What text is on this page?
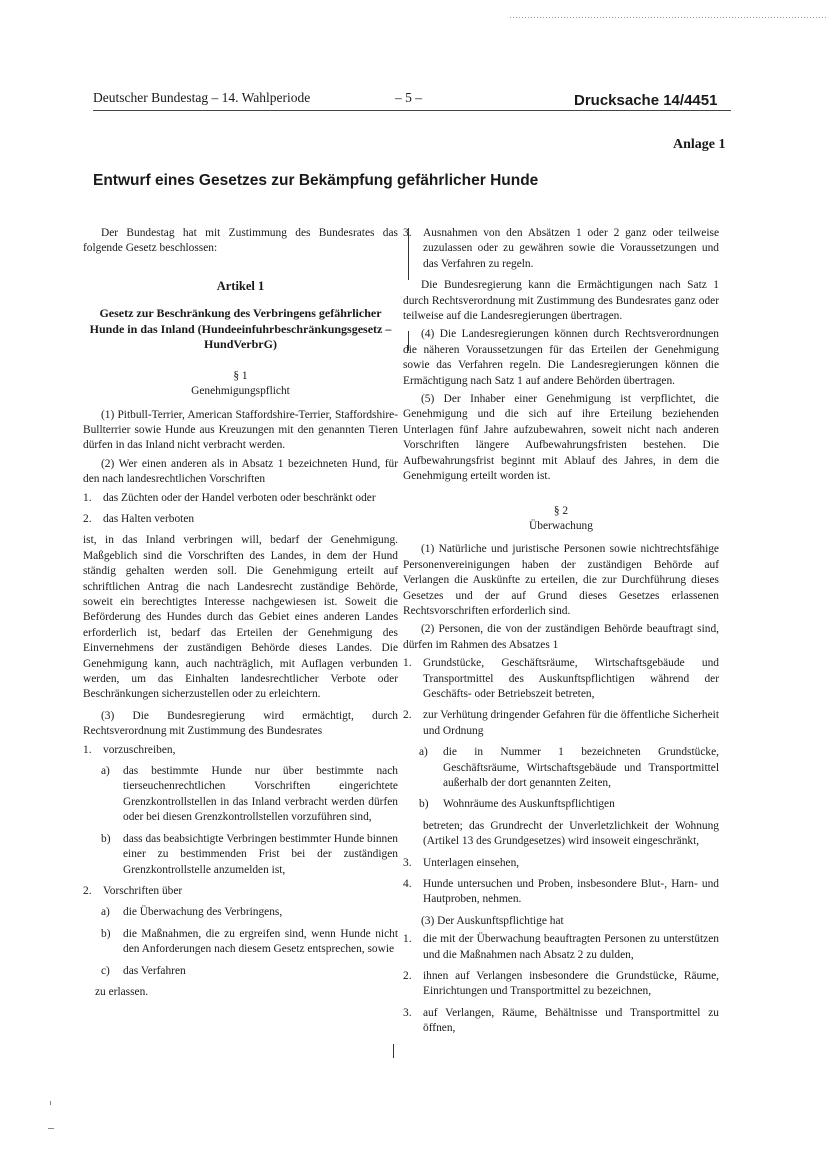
Deutscher Bundestag – 14. Wahlperiode	– 5 –	Drucksache 14/4451
Anlage 1
Entwurf eines Gesetzes zur Bekämpfung gefährlicher Hunde

Der Bundestag hat mit Zustimmung des Bundesrates das folgende Gesetz beschlossen:

Artikel 1
Gesetz zur Beschränkung des Verbringens gefährlicher Hunde in das Inland (Hundeeinfuhrbeschränkungsgesetz – HundVerbrG)
§ 1
Genehmigungspflicht

(1) Pitbull-Terrier, American Staffordshire-Terrier, Staffordshire-Bullterrier sowie Hunde aus Kreuzungen mit den genannten Tieren dürfen in das Inland nicht verbracht werden.

(2) Wer einen anderen als in Absatz 1 bezeichneten Hund, für den nach landesrechtlichen Vorschriften

1. das Züchten oder der Handel verboten oder beschränkt oder
2. das Halten verboten

ist, in das Inland verbringen will, bedarf der Genehmigung. Maßgeblich sind die Vorschriften des Landes, in dem der Hund ständig gehalten werden soll. Die Genehmigung erteilt auf schriftlichen Antrag die nach Landesrecht zuständige Behörde, soweit ein berechtigtes Interesse nachgewiesen ist. Soweit die Beförderung des Hundes durch das Gebiet eines anderen Landes erforderlich ist, bedarf das Erteilen der Genehmigung des Einvernehmens der zuständigen Behörde dieses Landes. Die Genehmigung kann, auch nachträglich, mit Auflagen verbunden werden, um das Einhalten landesrechtlicher Verbote oder Beschränkungen sicherzustellen oder zu erleichtern.

(3) Die Bundesregierung wird ermächtigt, durch Rechtsverordnung mit Zustimmung des Bundesrates

1. vorzuschreiben,
a) das bestimmte Hunde nur über bestimmte nach tierseuchenrechtlichen Vorschriften eingerichtete Grenzkontrollstellen in das Inland verbracht werden dürfen oder bei diesen Grenzkontrollstellen vorzuführen sind,
b) dass das beabsichtigte Verbringen bestimmter Hunde binnen einer zu bestimmenden Frist bei der zuständigen Grenzkontrollstelle anzumelden ist,
2. Vorschriften über
a) die Überwachung des Verbringens,
b) die Maßnahmen, die zu ergreifen sind, wenn Hunde nicht den Anforderungen nach diesem Gesetz entsprechen, sowie
c) das Verfahren

zu erlassen.

3. Ausnahmen von den Absätzen 1 oder 2 ganz oder teilweise zuzulassen oder zu gewähren sowie die Voraussetzungen und das Verfahren zu regeln.

Die Bundesregierung kann die Ermächtigungen nach Satz 1 durch Rechtsverordnung mit Zustimmung des Bundesrates ganz oder teilweise auf die Landesregierungen übertragen.

(4) Die Landesregierungen können durch Rechtsverordnungen die näheren Voraussetzungen für das Erteilen der Genehmigung sowie das Verfahren regeln. Die Landesregierungen können die Ermächtigung nach Satz 1 auf andere Behörden übertragen.

(5) Der Inhaber einer Genehmigung ist verpflichtet, die Genehmigung und die sich auf ihre Erteilung beziehenden Unterlagen fünf Jahre aufzubewahren, soweit nicht nach anderen Vorschriften längere Aufbewahrungsfristen bestehen. Die Aufbewahrungsfrist beginnt mit Ablauf des Jahres, in dem die Genehmigung erteilt worden ist.

§ 2
Überwachung

(1) Natürliche und juristische Personen sowie nichtrechtsfähige Personenvereinigungen haben der zuständigen Behörde auf Verlangen die Auskünfte zu erteilen, die zur Durchführung dieses Gesetzes und der auf Grund dieses Gesetzes erlassenen Rechtsvorschriften erforderlich sind.

(2) Personen, die von der zuständigen Behörde beauftragt sind, dürfen im Rahmen des Absatzes 1

1. Grundstücke, Geschäftsräume, Wirtschaftsgebäude und Transportmittel des Auskunftspflichtigen während der Geschäfts- oder Betriebszeit betreten,
2. zur Verhütung dringender Gefahren für die öffentliche Sicherheit und Ordnung
a) die in Nummer 1 bezeichneten Grundstücke, Geschäftsräume, Wirtschaftsgebäude und Transportmittel außerhalb der dort genannten Zeiten,
b) Wohnräume des Auskunftspflichtigen

betreten; das Grundrecht der Unverletzlichkeit der Wohnung (Artikel 13 des Grundgesetzes) wird insoweit eingeschränkt,

3. Unterlagen einsehen,
4. Hunde untersuchen und Proben, insbesondere Blut-, Harn- und Hautproben, nehmen.

(3) Der Auskunftspflichtige hat

1. die mit der Überwachung beauftragten Personen zu unterstützen und die Maßnahmen nach Absatz 2 zu dulden,
2. ihnen auf Verlangen insbesondere die Grundstücke, Räume, Einrichtungen und Transportmittel zu bezeichnen,
3. auf Verlangen, Räume, Behältnisse und Transportmittel zu öffnen,
